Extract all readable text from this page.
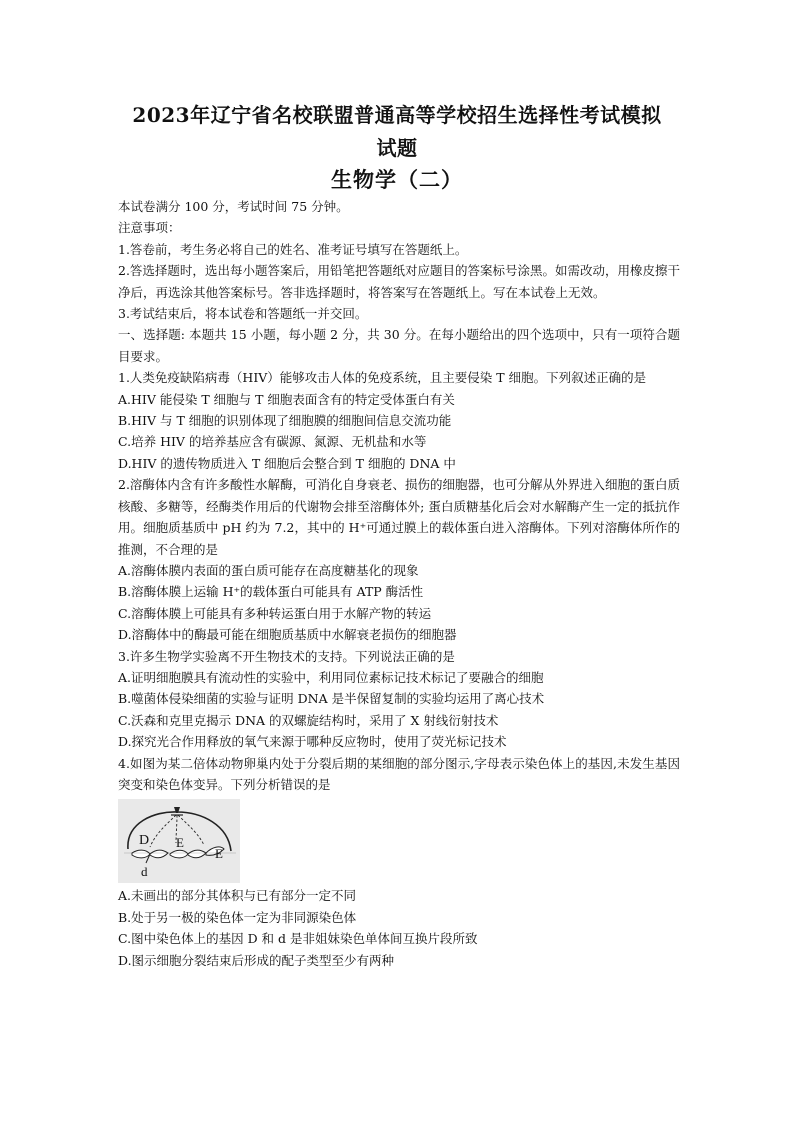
2023年辽宁省名校联盟普通高等学校招生选择性考试模拟
试题
生物学（二）

本试卷满分 100 分，考试时间 75 分钟。

注意事项：

1.答卷前，考生务必将自己的姓名、准考证号填写在答题纸上。

2.答选择题时，选出每小题答案后，用铅笔把答题纸对应题目的答案标号涂黑。如需改动，用橡皮擦干净后，再选涂其他答案标号。答非选择题时，将答案写在答题纸上。写在本试卷上无效。

3.考试结束后，将本试卷和答题纸一并交回。

一、选择题: 本题共 15 小题，每小题 2 分，共 30 分。在每小题给出的四个选项中，只有一项符合题目要求。

1.人类免疫缺陷病毒（HIV）能够攻击人体的免疫系统，且主要侵染 T 细胞。下列叙述正确的是

A.HIV 能侵染 T 细胞与 T 细胞表面含有的特定受体蛋白有关

B.HIV 与 T 细胞的识别体现了细胞膜的细胞间信息交流功能

C.培养 HIV 的培养基应含有碳源、氮源、无机盐和水等

D.HIV 的遗传物质进入 T 细胞后会整合到 T 细胞的 DNA 中

2.溶酶体内含有许多酸性水解酶，可消化自身衰老、损伤的细胞器，也可分解从外界进入细胞的蛋白质核酸、多糖等，经酶类作用后的代谢物会排至溶酶体外; 蛋白质糖基化后会对水解酶产生一定的抵抗作用。细胞质基质中 pH 约为 7.2，其中的 H⁺可通过膜上的载体蛋白进入溶酶体。下列对溶酶体所作的推测，不合理的是

A.溶酶体膜内表面的蛋白质可能存在高度糖基化的现象

B.溶酶体膜上运输 H⁺的载体蛋白可能具有 ATP 酶活性

C.溶酶体膜上可能具有多种转运蛋白用于水解产物的转运

D.溶酶体中的酶最可能在细胞质基质中水解衰老损伤的细胞器

3.许多生物学实验离不开生物技术的支持。下列说法正确的是

A.证明细胞膜具有流动性的实验中，利用同位素标记技术标记了要融合的细胞

B.噬菌体侵染细菌的实验与证明 DNA 是半保留复制的实验均运用了离心技术

C.沃森和克里克揭示 DNA 的双螺旋结构时，采用了 X 射线衍射技术

D.探究光合作用释放的氧气来源于哪种反应物时，使用了荧光标记技术

4.如图为某二倍体动物卵巢内处于分裂后期的某细胞的部分图示,字母表示染色体上的基因,未发生基因突变和染色体变异。下列分析错误的是

D E
E
d

A.未画出的部分其体积与已有部分一定不同

B.处于另一极的染色体一定为非同源染色体

C.图中染色体上的基因 D 和 d 是非姐妹染色单体间互换片段所致

D.图示细胞分裂结束后形成的配子类型至少有两种
